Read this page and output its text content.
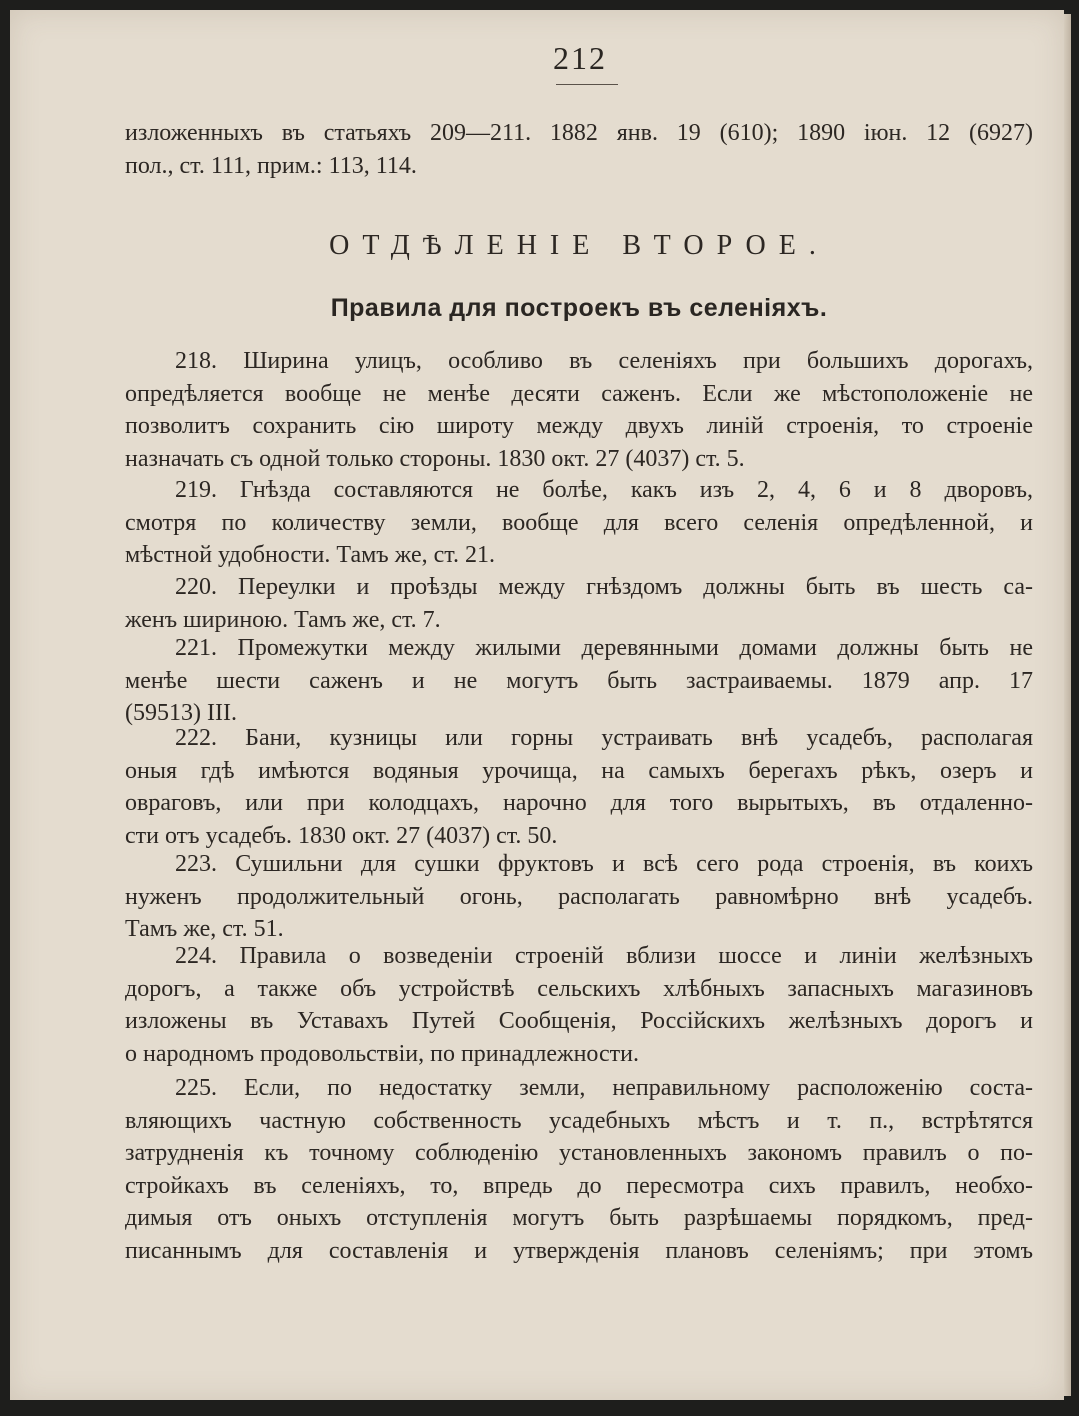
212
изложенныхъ въ статьяхъ 209—211. 1882 янв. 19 (610); 1890 iюн. 12 (6927)
пол., ст. 111, прим.: 113, 114.
ОТДѢЛЕНIЕ ВТОРОЕ.
Правила для построекъ въ селенiяхъ.
218. Ширина улицъ, особливо въ селенiяхъ при большихъ дорогахъ,
опредѣляется вообще не менѣе десяти саженъ. Если же мѣстоположенiе не
позволитъ сохранить сiю широту между двухъ линiй строенiя, то строенiе
назначать съ одной только стороны. 1830 окт. 27 (4037) ст. 5.
219. Гнѣзда составляются не болѣе, какъ изъ 2, 4, 6 и 8 дворовъ,
смотря по количеству земли, вообще для всего селенiя опредѣленной, и
мѣстной удобности. Тамъ же, ст. 21.
220. Переулки и проѣзды между гнѣздомъ должны быть въ шесть са-
женъ шириною. Тамъ же, ст. 7.
221. Промежутки между жилыми деревянными домами должны быть не
менѣе шести саженъ и не могутъ быть застраиваемы. 1879 апр. 17
(59513) III.
222. Бани, кузницы или горны устраивать внѣ усадебъ, располагая
оныя гдѣ имѣются водяныя урочища, на самыхъ берегахъ рѣкъ, озеръ и
овраговъ, или при колодцахъ, нарочно для того вырытыхъ, въ отдаленно-
сти отъ усадебъ. 1830 окт. 27 (4037) ст. 50.
223. Сушильни для сушки фруктовъ и всѣ сего рода строенiя, въ коихъ
нуженъ продолжительный огонь, располагать равномѣрно внѣ усадебъ.
Тамъ же, ст. 51.
224. Правила о возведенiи строенiй вблизи шоссе и линiи желѣзныхъ
дорогъ, а также объ устройствѣ сельскихъ хлѣбныхъ запасныхъ магазиновъ
изложены въ Уставахъ Путей Сообщенiя, Россiйскихъ желѣзныхъ дорогъ и
о народномъ продовольствiи, по принадлежности.
225. Если, по недостатку земли, неправильному расположенiю соста-
вляющихъ частную собственность усадебныхъ мѣстъ и т. п., встрѣтятся
затрудненiя къ точному соблюденiю установленныхъ закономъ правилъ о по-
стройкахъ въ селенiяхъ, то, впредь до пересмотра сихъ правилъ, необхо-
димыя отъ оныхъ отступленiя могутъ быть разрѣшаемы порядкомъ, пред-
писаннымъ для составленiя и утвержденiя плановъ селенiямъ; при этомъ
